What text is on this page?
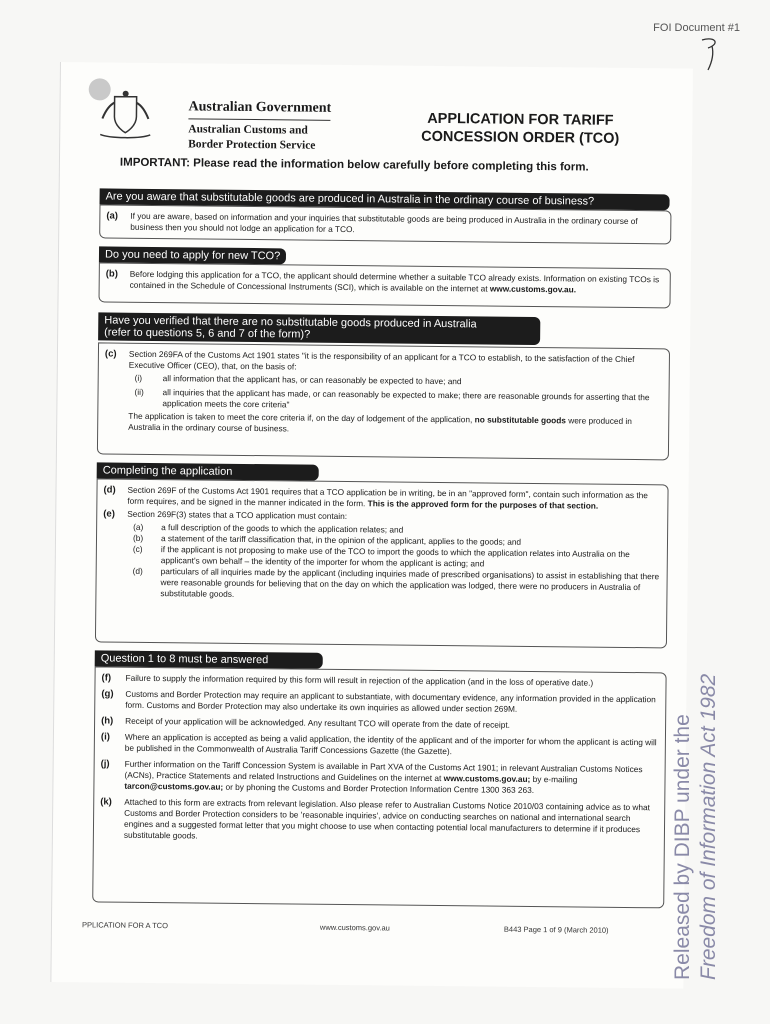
FOI Document #1
Australian Government
Australian Customs and
Border Protection Service
APPLICATION FOR TARIFF
CONCESSION ORDER (TCO)
IMPORTANT: Please read the information below carefully before completing this form.
Are you aware that substitutable goods are produced in Australia in the ordinary course of business?
(a)	If you are aware, based on information and your inquiries that substitutable goods are being produced in Australia in the ordinary course of business then you should not lodge an application for a TCO.
Do you need to apply for new TCO?
(b)	Before lodging this application for a TCO, the applicant should determine whether a suitable TCO already exists. Information on existing TCOs is contained in the Schedule of Concessional Instruments (SCI), which is available on the internet at www.customs.gov.au.
Have you verified that there are no substitutable goods produced in Australia
(refer to questions 5, 6 and 7 of the form)?
(c)	Section 269FA of the Customs Act 1901 states "it is the responsibility of an applicant for a TCO to establish, to the satisfaction of the Chief Executive Officer (CEO), that, on the basis of:
(i)	all information that the applicant has, or can reasonably be expected to have; and
(ii)	all inquiries that the applicant has made, or can reasonably be expected to make; there are reasonable grounds for asserting that the application meets the core criteria"
The application is taken to meet the core criteria if, on the day of lodgement of the application, no substitutable goods were produced in Australia in the ordinary course of business.
Completing the application
(d)	Section 269F of the Customs Act 1901 requires that a TCO application be in writing, be in an "approved form", contain such information as the form requires, and be signed in the manner indicated in the form. This is the approved form for the purposes of that section.
(e)	Section 269F(3) states that a TCO application must contain:
(a)	a full description of the goods to which the application relates; and
(b)	a statement of the tariff classification that, in the opinion of the applicant, applies to the goods; and
(c)	if the applicant is not proposing to make use of the TCO to import the goods to which the application relates into Australia on the applicant's own behalf – the identity of the importer for whom the applicant is acting; and
(d)	particulars of all inquiries made by the applicant (including inquiries made of prescribed organisations) to assist in establishing that there were reasonable grounds for believing that on the day on which the application was lodged, there were no producers in Australia of substitutable goods.
Question 1 to 8 must be answered
(f)	Failure to supply the information required by this form will result in rejection of the application (and in the loss of operative date.)
(g)	Customs and Border Protection may require an applicant to substantiate, with documentary evidence, any information provided in the application form. Customs and Border Protection may also undertake its own inquiries as allowed under section 269M.
(h)	Receipt of your application will be acknowledged. Any resultant TCO will operate from the date of receipt.
(i)	Where an application is accepted as being a valid application, the identity of the applicant and of the importer for whom the applicant is acting will be published in the Commonwealth of Australia Tariff Concessions Gazette (the Gazette).
(j)	Further information on the Tariff Concession System is available in Part XVA of the Customs Act 1901; in relevant Australian Customs Notices (ACNs), Practice Statements and related Instructions and Guidelines on the internet at www.customs.gov.au; by e-mailing tarcon@customs.gov.au; or by phoning the Customs and Border Protection Information Centre 1300 363 263.
(k)	Attached to this form are extracts from relevant legislation. Also please refer to Australian Customs Notice 2010/03 containing advice as to what Customs and Border Protection considers to be 'reasonable inquiries', advice on conducting searches on national and international search engines and a suggested format letter that you might choose to use when contacting potential local manufacturers to determine if it produces substitutable goods.
PPLICATION FOR A TCO	www.customs.gov.au	B443 Page 1 of 9 (March 2010)	Released by DIBP under the Freedom of Information Act 1982
